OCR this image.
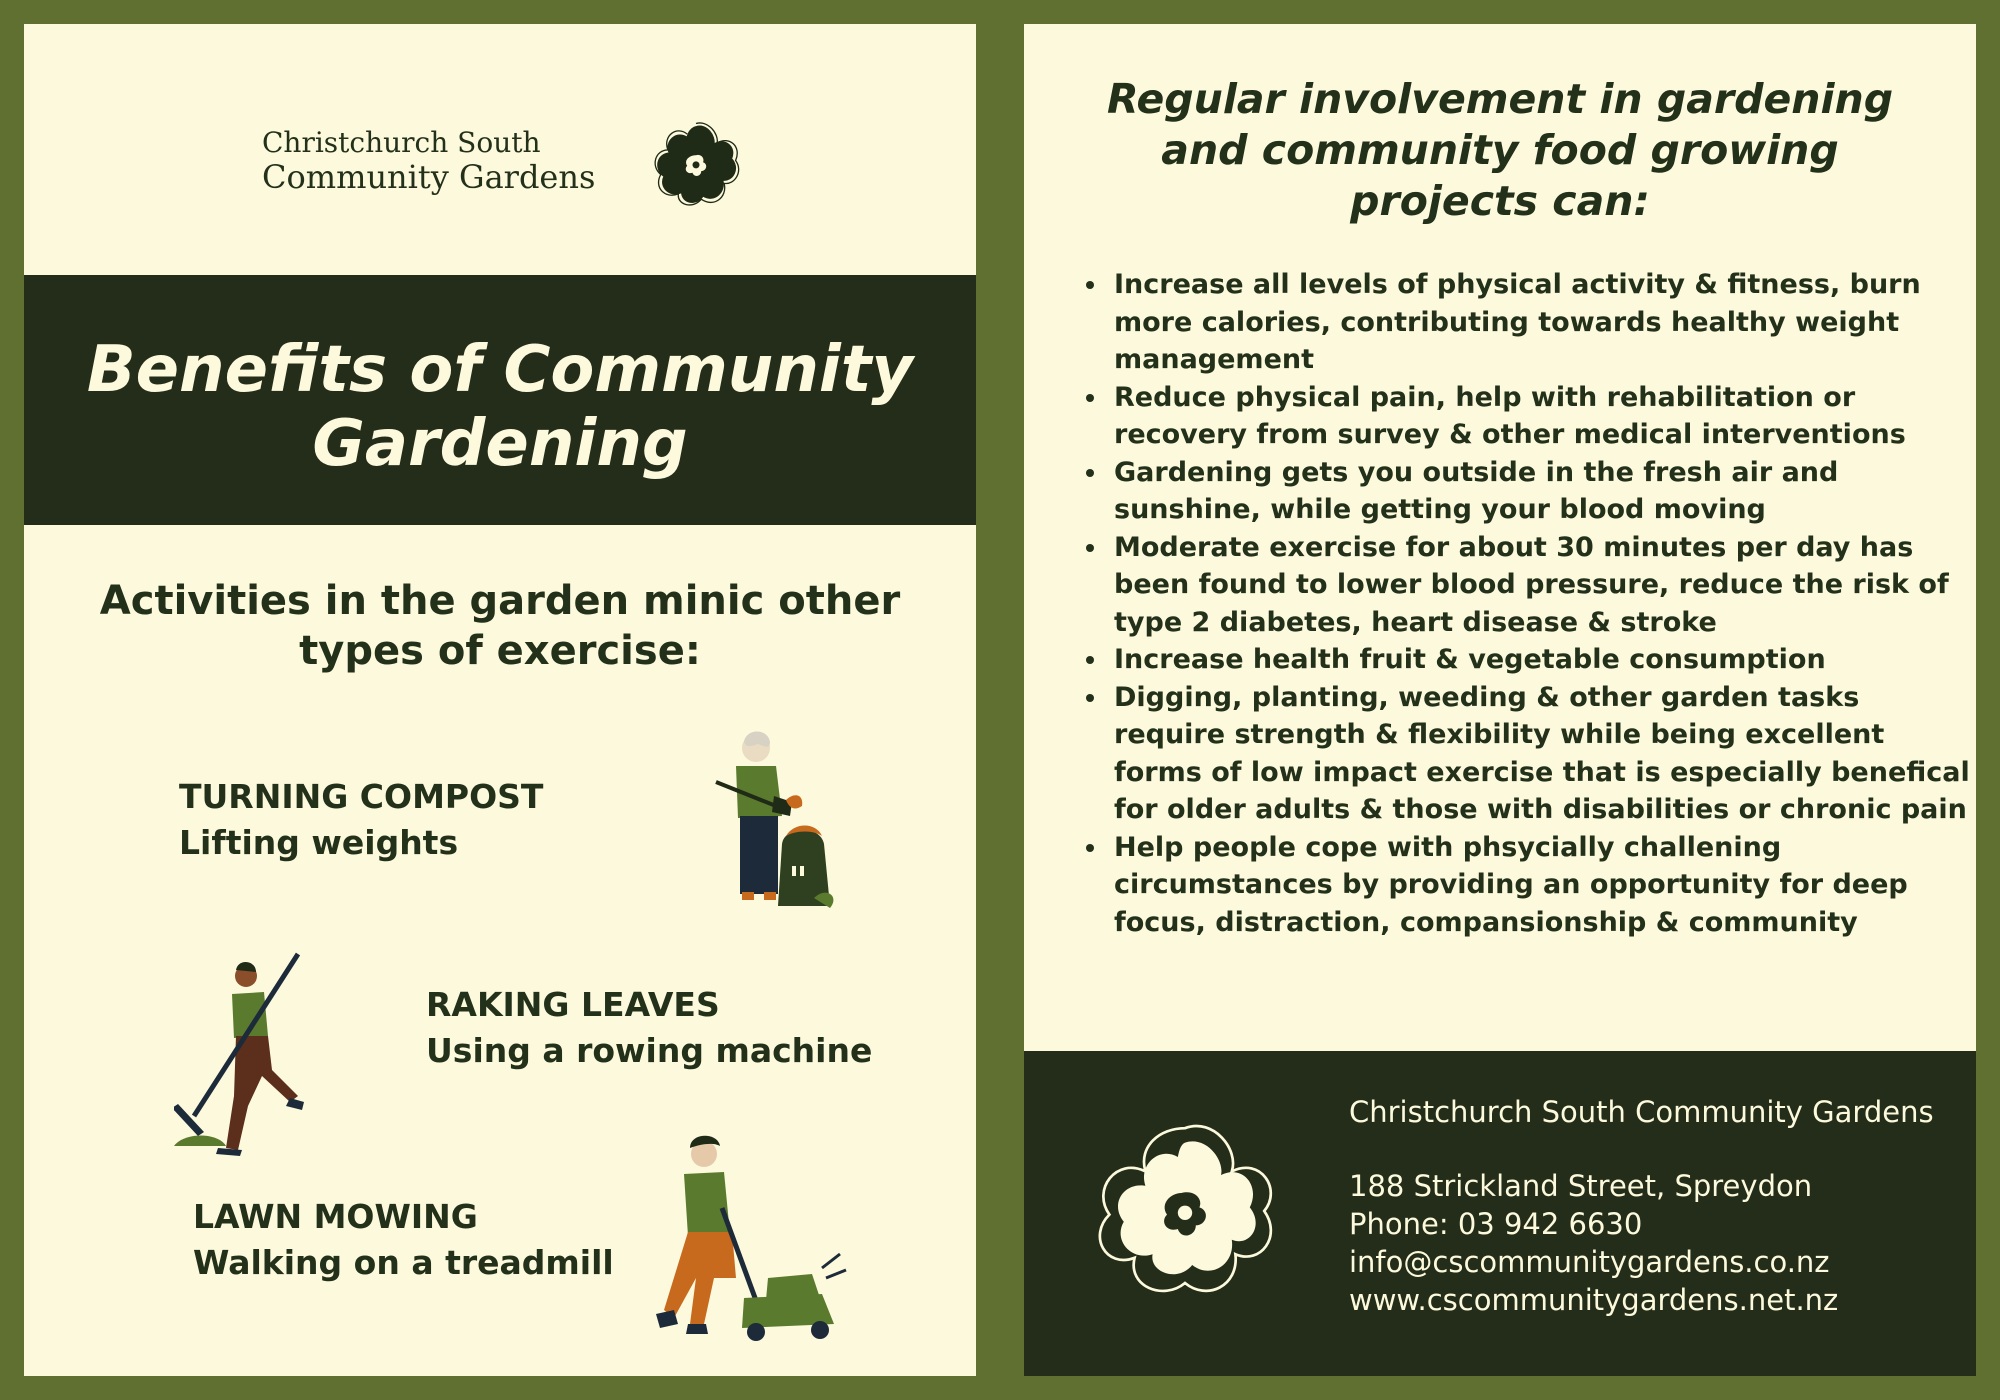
Christchurch South
Community Gardens
Benefits of Community
Gardening
Activities in the garden minic other
types of exercise:
TURNING COMPOST
Lifting weights
RAKING LEAVES
Using a rowing machine
LAWN MOWING
Walking on a treadmill
Regular involvement in gardening
and community food growing
projects can:
Increase all levels of physical activity & fitness, burn more calories, contributing towards healthy weight management
Reduce physical pain, help with rehabilitation or recovery from survey & other medical interventions
Gardening gets you outside in the fresh air and sunshine, while getting your blood moving
Moderate exercise for about 30 minutes per day has been found to lower blood pressure, reduce the risk of type 2 diabetes, heart disease & stroke
Increase health fruit & vegetable consumption
Digging, planting, weeding & other garden tasks require strength & flexibility while being excellent forms of low impact exercise that is especially benefical for older adults & those with disabilities or chronic pain
Help people cope with phsycially challening circumstances by providing an opportunity for deep focus, distraction, compansionship & community
Christchurch South Community Gardens
188 Strickland Street, Spreydon
Phone: 03 942 6630
info@cscommunitygardens.co.nz
www.cscommunitygardens.net.nz
